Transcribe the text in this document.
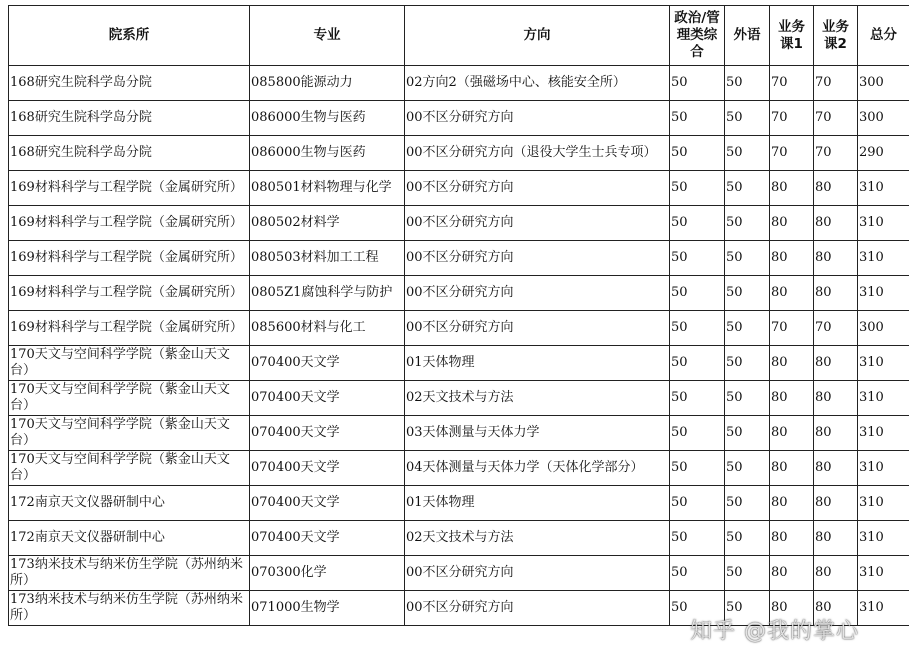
院系所	专业	方向	政治/管理类综合	外语	业务课1	业务课2	总分
168研究生院科学岛分院	085800能源动力	02方向2（强磁场中心、核能安全所）	50	50	70	70	300
168研究生院科学岛分院	086000生物与医药	00不区分研究方向	50	50	70	70	300
168研究生院科学岛分院	086000生物与医药	00不区分研究方向（退役大学生士兵专项）	50	50	70	70	290
169材料科学与工程学院（金属研究所）	080501材料物理与化学	00不区分研究方向	50	50	80	80	310
169材料科学与工程学院（金属研究所）	080502材料学	00不区分研究方向	50	50	80	80	310
169材料科学与工程学院（金属研究所）	080503材料加工工程	00不区分研究方向	50	50	80	80	310
169材料科学与工程学院（金属研究所）	0805Z1腐蚀科学与防护	00不区分研究方向	50	50	80	80	310
169材料科学与工程学院（金属研究所）	085600材料与化工	00不区分研究方向	50	50	70	70	300
170天文与空间科学学院（紫金山天文台）	070400天文学	01天体物理	50	50	80	80	310
170天文与空间科学学院（紫金山天文台）	070400天文学	02天文技术与方法	50	50	80	80	310
170天文与空间科学学院（紫金山天文台）	070400天文学	03天体测量与天体力学	50	50	80	80	310
170天文与空间科学学院（紫金山天文台）	070400天文学	04天体测量与天体力学（天体化学部分）	50	50	80	80	310
172南京天文仪器研制中心	070400天文学	01天体物理	50	50	80	80	310
172南京天文仪器研制中心	070400天文学	02天文技术与方法	50	50	80	80	310
173纳米技术与纳米仿生学院（苏州纳米所）	070300化学	00不区分研究方向	50	50	80	80	310
173纳米技术与纳米仿生学院（苏州纳米所）	071000生物学	00不区分研究方向	50	50	80	80	310
知乎 @我的掌心
